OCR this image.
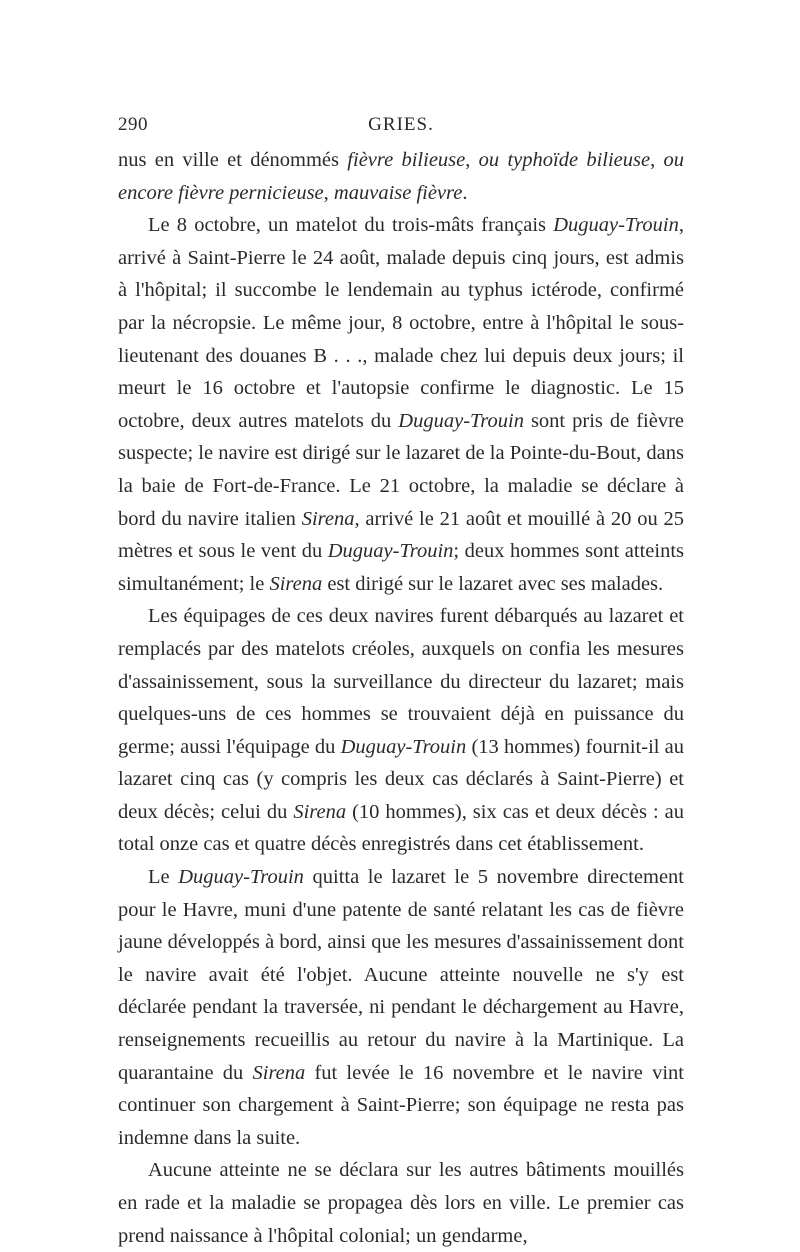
290	GRIES.

nus en ville et dénommés fièvre bilieuse, ou typhoïde bilieuse, ou encore fièvre pernicieuse, mauvaise fièvre.

Le 8 octobre, un matelot du trois-mâts français Duguay-Trouin, arrivé à Saint-Pierre le 24 août, malade depuis cinq jours, est admis à l'hôpital; il succombe le lendemain au typhus ictérode, confirmé par la nécropsie. Le même jour, 8 octobre, entre à l'hôpital le sous-lieutenant des douanes B . . ., malade chez lui depuis deux jours; il meurt le 16 octobre et l'autopsie confirme le diagnostic. Le 15 octobre, deux autres matelots du Duguay-Trouin sont pris de fièvre suspecte; le navire est dirigé sur le lazaret de la Pointe-du-Bout, dans la baie de Fort-de-France. Le 21 octobre, la maladie se déclare à bord du navire italien Sirena, arrivé le 21 août et mouillé à 20 ou 25 mètres et sous le vent du Duguay-Trouin; deux hommes sont atteints simultanément; le Sirena est dirigé sur le lazaret avec ses malades.

Les équipages de ces deux navires furent débarqués au lazaret et remplacés par des matelots créoles, auxquels on confia les mesures d'assainissement, sous la surveillance du directeur du lazaret; mais quelques-uns de ces hommes se trouvaient déjà en puissance du germe; aussi l'équipage du Duguay-Trouin (13 hommes) fournit-il au lazaret cinq cas (y compris les deux cas déclarés à Saint-Pierre) et deux décès; celui du Sirena (10 hommes), six cas et deux décès : au total onze cas et quatre décès enregistrés dans cet établissement.

Le Duguay-Trouin quitta le lazaret le 5 novembre directement pour le Havre, muni d'une patente de santé relatant les cas de fièvre jaune développés à bord, ainsi que les mesures d'assainissement dont le navire avait été l'objet. Aucune atteinte nouvelle ne s'y est déclarée pendant la traversée, ni pendant le déchargement au Havre, renseignements recueillis au retour du navire à la Martinique. La quarantaine du Sirena fut levée le 16 novembre et le navire vint continuer son chargement à Saint-Pierre; son équipage ne resta pas indemne dans la suite.

Aucune atteinte ne se déclara sur les autres bâtiments mouillés en rade et la maladie se propagea dès lors en ville. Le premier cas prend naissance à l'hôpital colonial; un gendarme,
